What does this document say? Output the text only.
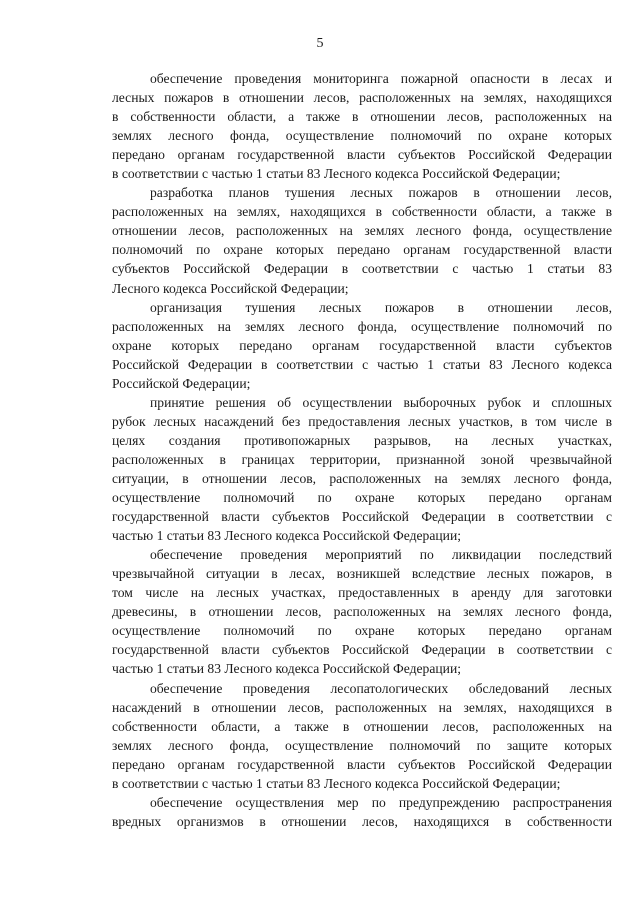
5
обеспечение проведения мониторинга пожарной опасности в лесах и
лесных пожаров в отношении лесов, расположенных на землях, находящихся
в собственности области, а также в отношении лесов, расположенных на
землях лесного фонда, осуществление полномочий по охране которых
передано органам государственной власти субъектов Российской Федерации
в соответствии с частью 1 статьи 83 Лесного кодекса Российской Федерации;
разработка планов тушения лесных пожаров в отношении лесов,
расположенных на землях, находящихся в собственности области, а также в
отношении лесов, расположенных на землях лесного фонда, осуществление
полномочий по охране которых передано органам государственной власти
субъектов Российской Федерации в соответствии с частью 1 статьи 83
Лесного кодекса Российской Федерации;
организация тушения лесных пожаров в отношении лесов,
расположенных на землях лесного фонда, осуществление полномочий по
охране которых передано органам государственной власти субъектов
Российской Федерации в соответствии с частью 1 статьи 83 Лесного кодекса
Российской Федерации;
принятие решения об осуществлении выборочных рубок и сплошных
рубок лесных насаждений без предоставления лесных участков, в том числе в
целях создания противопожарных разрывов, на лесных участках,
расположенных в границах территории, признанной зоной чрезвычайной
ситуации, в отношении лесов, расположенных на землях лесного фонда,
осуществление полномочий по охране которых передано органам
государственной власти субъектов Российской Федерации в соответствии с
частью 1 статьи 83 Лесного кодекса Российской Федерации;
обеспечение проведения мероприятий по ликвидации последствий
чрезвычайной ситуации в лесах, возникшей вследствие лесных пожаров, в
том числе на лесных участках, предоставленных в аренду для заготовки
древесины, в отношении лесов, расположенных на землях лесного фонда,
осуществление полномочий по охране которых передано органам
государственной власти субъектов Российской Федерации в соответствии с
частью 1 статьи 83 Лесного кодекса Российской Федерации;
обеспечение проведения лесопатологических обследований лесных
насаждений в отношении лесов, расположенных на землях, находящихся в
собственности области, а также в отношении лесов, расположенных на
землях лесного фонда, осуществление полномочий по защите которых
передано органам государственной власти субъектов Российской Федерации
в соответствии с частью 1 статьи 83 Лесного кодекса Российской Федерации;
обеспечение осуществления мер по предупреждению распространения
вредных организмов в отношении лесов, находящихся в собственности
